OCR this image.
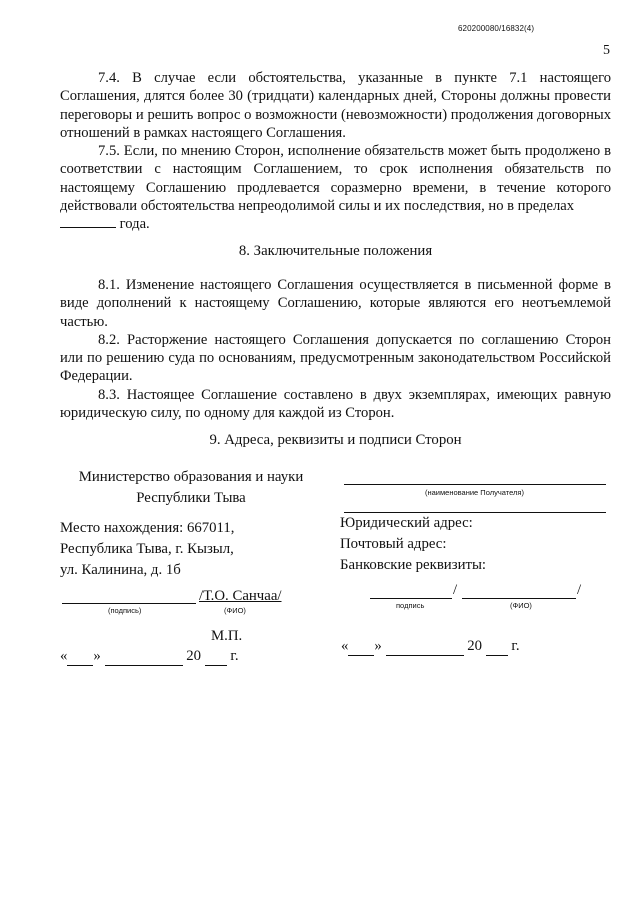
620200080/16832(4)
5

7.4. В случае если обстоятельства, указанные в пункте 7.1 настоящего Соглашения, длятся более 30 (тридцати) календарных дней, Стороны должны провести переговоры и решить вопрос о возможности (невозможности) продолжения договорных отношений в рамках настоящего Соглашения.

7.5. Если, по мнению Сторон, исполнение обязательств может быть продолжено в соответствии с настоящим Соглашением, то срок исполнения обязательств по настоящему Соглашению продлевается соразмерно времени, в течение которого действовали обстоятельства непреодолимой силы и их последствия, но в пределах

года.

8. Заключительные положения

8.1. Изменение настоящего Соглашения осуществляется в письменной форме в виде дополнений к настоящему Соглашению, которые являются его неотъемлемой частью.

8.2. Расторжение настоящего Соглашения допускается по соглашению Сторон или по решению суда по основаниям, предусмотренным законодательством Российской Федерации.

8.3. Настоящее Соглашение составлено в двух экземплярах, имеющих равную юридическую силу, по одному для каждой из Сторон.

9. Адреса, реквизиты и подписи Сторон
Министерство образования и науки
Республики Тыва
Место нахождения: 667011,
Республика Тыва, г. Кызыл,
ул. Калинина, д. 1б
/Т.О. Санчаа/
(подпись)	(ФИО)
М.П.
« »	20 г.
(наименование Получателя)
Юридический адрес:
Почтовый адрес:
Банковские реквизиты:
/	/
подпись	(ФИО)
« »	20 г.
